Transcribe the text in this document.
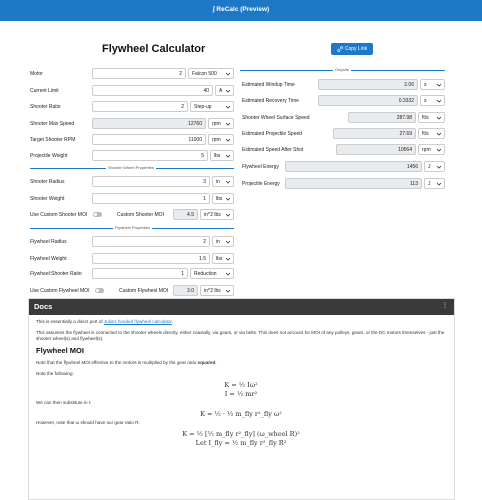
∫ ReCalc (Preview)
Flywheel Calculator	Copy Link
Motor	2	Falcon 500
Current Limit	40	A
Shooter Ratio	2	Step-up
Shooter Max Speed	12760	rpm
Target Shooter RPM	11000	rpm
Projectile Weight	5	lbs
Shooter Wheel Properties
Shooter Radius	3	in
Shooter Weight	1	lbs
Use Custom Shooter MOI	Custom Shooter MOI	4.5	in^2 lbs
Flywheel Properties
Flywheel Radius	2	in
Flywheel Weight	1.5	lbs
Flywheel:Shooter Ratio	1	Reduction
Use Custom Flywheel MOI	Custom Flywheel MOI	3.0	in^2 lbs
Outputs
Estimated Windup Time	2.06	s
Estimated Recovery Time	0.3332	s
Shooter Wheel Surface Speed	287.98	ft/s
Estimated Projectile Speed	27.69	ft/s
Estimated Speed After Shot	10564	rpm
Flywheel Energy	1456	J
Projectile Energy	113	J
Docs	⋮

This is essentially a direct port of Julia's hooded flywheel calculator.

This assumes the flywheel is connected to the shooter wheels directly, either coaxially, via gears, or via belts. This does not account for MOI of any pulleys, gears, or the DC motors themselves - just the shooter wheel(s) and flywheel(s).

Flywheel MOI

Note that the flywheel MOI effective to the motors is multiplied by the gear ratio squared.

Note the following:

K = ½ Iω²
I = ½ mr²

We can then substitute in I:

K = ½ · ½ m_fly r²_fly ω²

However, note that ω should have our gear ratio R:

K = ½ [½ m_fly r²_fly] (ω_wheel R)²
Let I_fly = ½ m_fly r²_fly R²
